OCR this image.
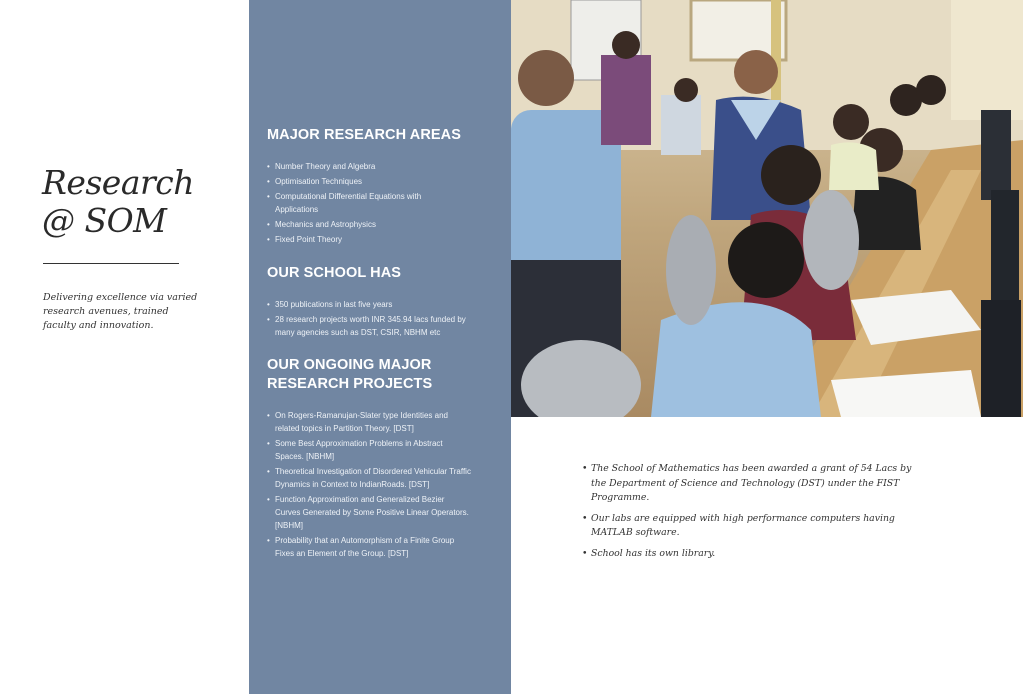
Research
@ SOM

Delivering excellence via varied research avenues, trained faculty and innovation.

MAJOR RESEARCH AREAS
• Number Theory and Algebra
• Optimisation Techniques
• Computational Differential Equations with Applications
• Mechanics and Astrophysics
• Fixed Point Theory
OUR SCHOOL HAS
• 350 publications in last five years
• 28 research projects worth INR 345.94 lacs funded by many agencies such as DST, CSIR, NBHM etc
OUR ONGOING MAJOR
RESEARCH PROJECTS
• On Rogers-Ramanujan-Slater type Identities and related topics in Partition Theory. [DST]
• Some Best Approximation Problems in Abstract Spaces. [NBHM]
• Theoretical Investigation of Disordered Vehicular Traffic Dynamics in Context to IndianRoads. [DST]
• Function Approximation and Generalized Bezier Curves Generated by Some Positive Linear Operators. [NBHM]
• Probability that an Automorphism of a Finite Group Fixes an Element of the Group. [DST]
• The School of Mathematics has been awarded a grant of 54 Lacs by the Department of Science and Technology (DST) under the FIST Programme.
• Our labs are equipped with high performance computers having MATLAB software.
• School has its own library.
